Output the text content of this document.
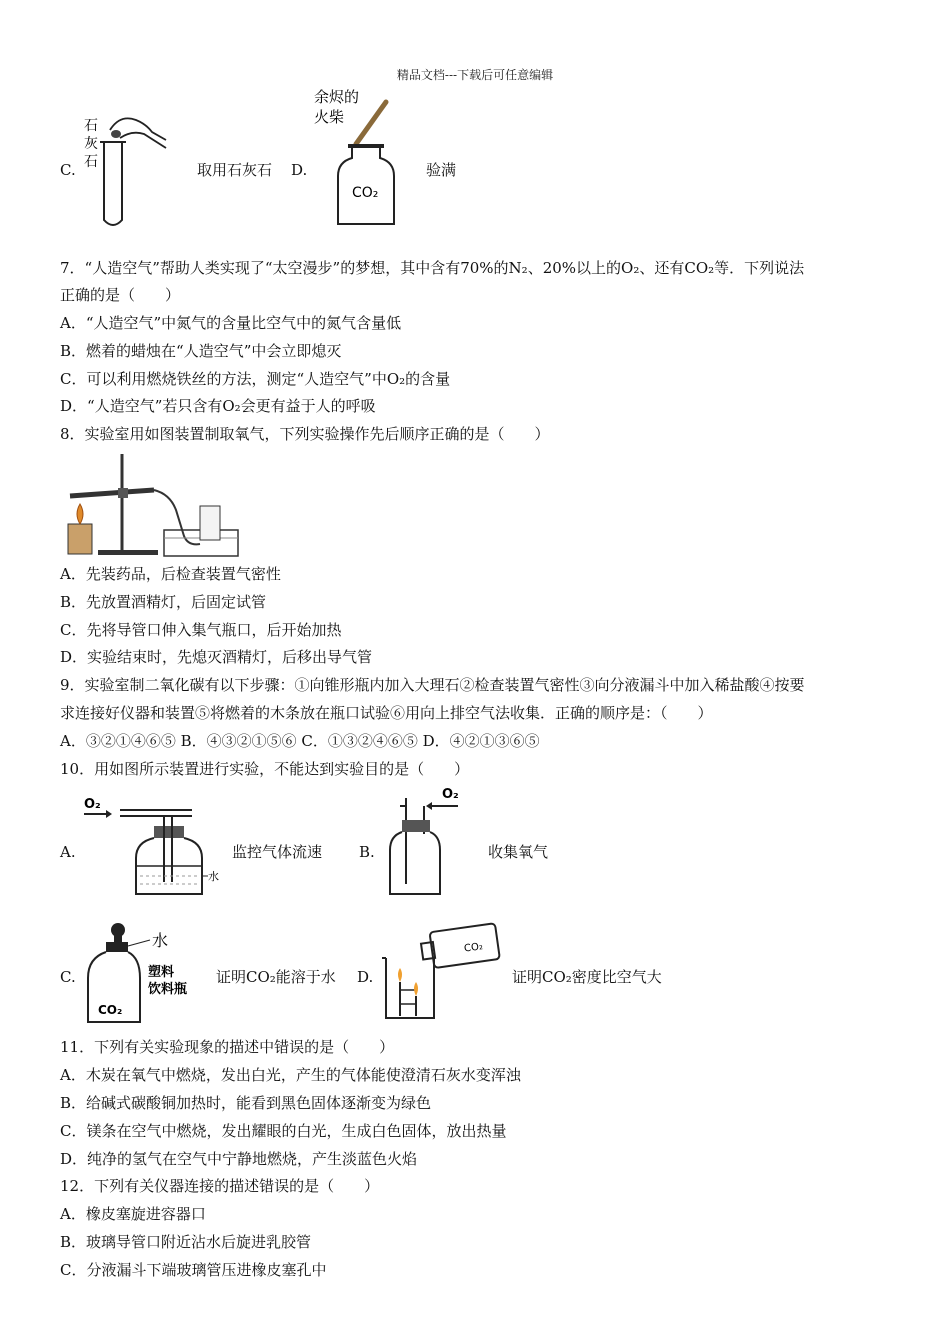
精品文档---下载后可任意编辑
C.
石
灰
石	取用石灰石 D.
余烬的
火柴
CO₂
验满
7．“人造空气”帮助人类实现了“太空漫步”的梦想，其中含有70%的N₂、20%以上的O₂、还有CO₂等．下列说法
正确的是（　　）
A．“人造空气”中氮气的含量比空气中的氮气含量低
B．燃着的蜡烛在“人造空气”中会立即熄灭
C．可以利用燃烧铁丝的方法，测定“人造空气”中O₂的含量
D．“人造空气”若只含有O₂会更有益于人的呼吸
8．实验室用如图装置制取氧气，下列实验操作先后顺序正确的是（　　）
A．先装药品，后检查装置气密性
B．先放置酒精灯，后固定试管
C．先将导管口伸入集气瓶口，后开始加热
D．实验结束时，先熄灭酒精灯，后移出导气管
9．实验室制二氧化碳有以下步骤：①向锥形瓶内加入大理石②检查装置气密性③向分液漏斗中加入稀盐酸④按要
求连接好仪器和装置⑤将燃着的木条放在瓶口试验⑥用向上排空气法收集．正确的顺序是：（　　）
A．③②①④⑥⑤ B．④③②①⑤⑥ C．①③②④⑥⑤ D．④②①③⑥⑤
10．用如图所示装置进行实验，不能达到实验目的是（　　）
A.
O₂
水
监控气体流速 B.
O₂
收集氧气
C.
水
CO₂
塑料
饮料瓶
证明CO₂能溶于水 D.
CO₂
证明CO₂密度比空气大
11．下列有关实验现象的描述中错误的是（　　）
A．木炭在氧气中燃烧，发出白光，产生的气体能使澄清石灰水变浑浊
B．给碱式碳酸铜加热时，能看到黑色固体逐渐变为绿色
C．镁条在空气中燃烧，发出耀眼的白光，生成白色固体，放出热量
D．纯净的氢气在空气中宁静地燃烧，产生淡蓝色火焰
12．下列有关仪器连接的描述错误的是（　　）
A．橡皮塞旋进容器口
B．玻璃导管口附近沾水后旋进乳胶管
C．分液漏斗下端玻璃管压进橡皮塞孔中
